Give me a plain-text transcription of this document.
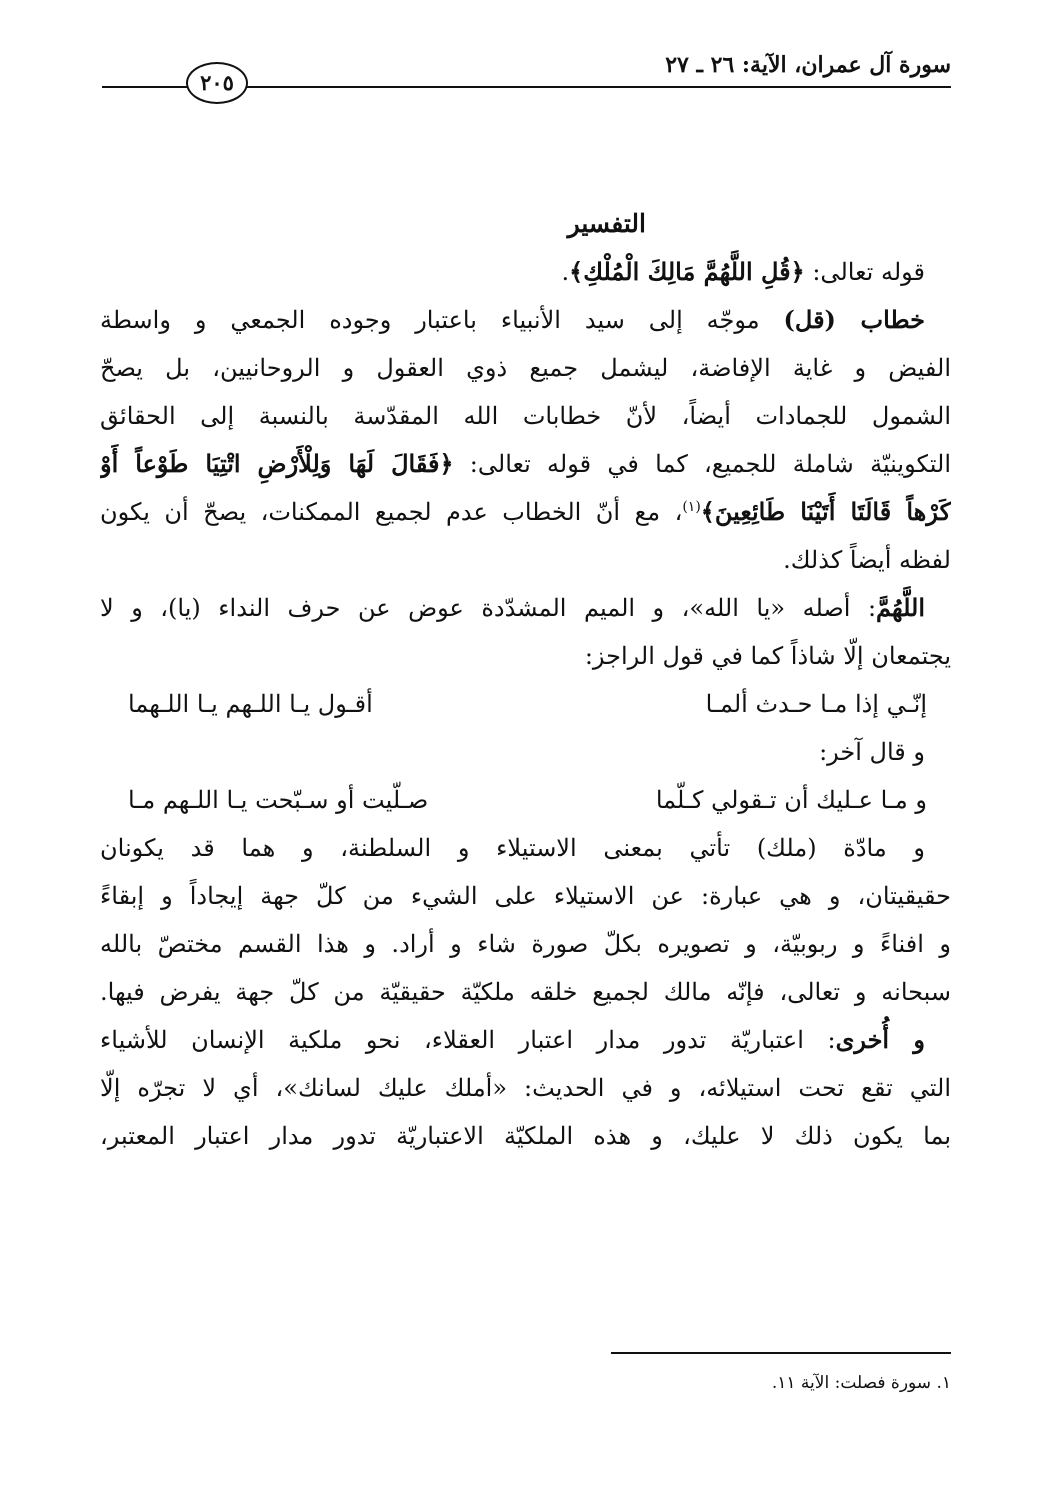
سورة آل عمران، الآية: ٢٦ ـ ٢٧
٢٠٥
التفسير
قوله تعالى: ﴿قُلِ اللَّهُمَّ مَالِكَ الْمُلْكِ﴾.
خطاب (قل) موجّه إلى سيد الأنبياء باعتبار وجوده الجمعي و واسطة
الفيض و غاية الإفاضة، ليشمل جميع ذوي العقول و الروحانيين، بل يصحّ
الشمول للجمادات أيضاً، لأنّ خطابات الله المقدّسة بالنسبة إلى الحقائق
التكوينيّة شاملة للجميع، كما في قوله تعالى: ﴿فَقَالَ لَهَا وَلِلْأَرْضِ اتْتِيَا طَوْعاً أَوْ
كَرْهاً قَالَتَا أَتَيْنَا طَائِعِينَ﴾$^{(١)}$، مع أنّ الخطاب عدم لجميع الممكنات، يصحّ أن يكون
لفظه أيضاً كذلك.
اللَّهُمَّ: أصله «يا الله»، و الميم المشدّدة عوض عن حرف النداء (يا)، و لا
يجتمعان إلّا شاذاً كما في قول الراجز:
إنّـي إذا مـا حـدث ألمـا
أقـول يـا اللـهم يـا اللـهما
و قال آخر:
و مـا عـليك أن تـقولي كـلّما
صـلّيت أو سـبّحت يـا اللـهم مـا
و مادّة (ملك) تأتي بمعنى الاستيلاء و السلطنة، و هما قد يكونان
حقيقيتان، و هي عبارة: عن الاستيلاء على الشيء من كلّ جهة إيجاداً و إبقاءً
و افناءً و ربوبيّة، و تصويره بكلّ صورة شاء و أراد. و هذا القسم مختصّ بالله
سبحانه و تعالى، فإنّه مالك لجميع خلقه ملكيّة حقيقيّة من كلّ جهة يفرض فيها.
و أُخرى: اعتباريّة تدور مدار اعتبار العقلاء، نحو ملكية الإنسان للأشياء
التي تقع تحت استيلائه، و في الحديث: «أملك عليك لسانك»، أي لا تجرّه إلّا
بما يكون ذلك لا عليك، و هذه الملكيّة الاعتباريّة تدور مدار اعتبار المعتبر،
١. سورة فصلت: الآية ١١.
